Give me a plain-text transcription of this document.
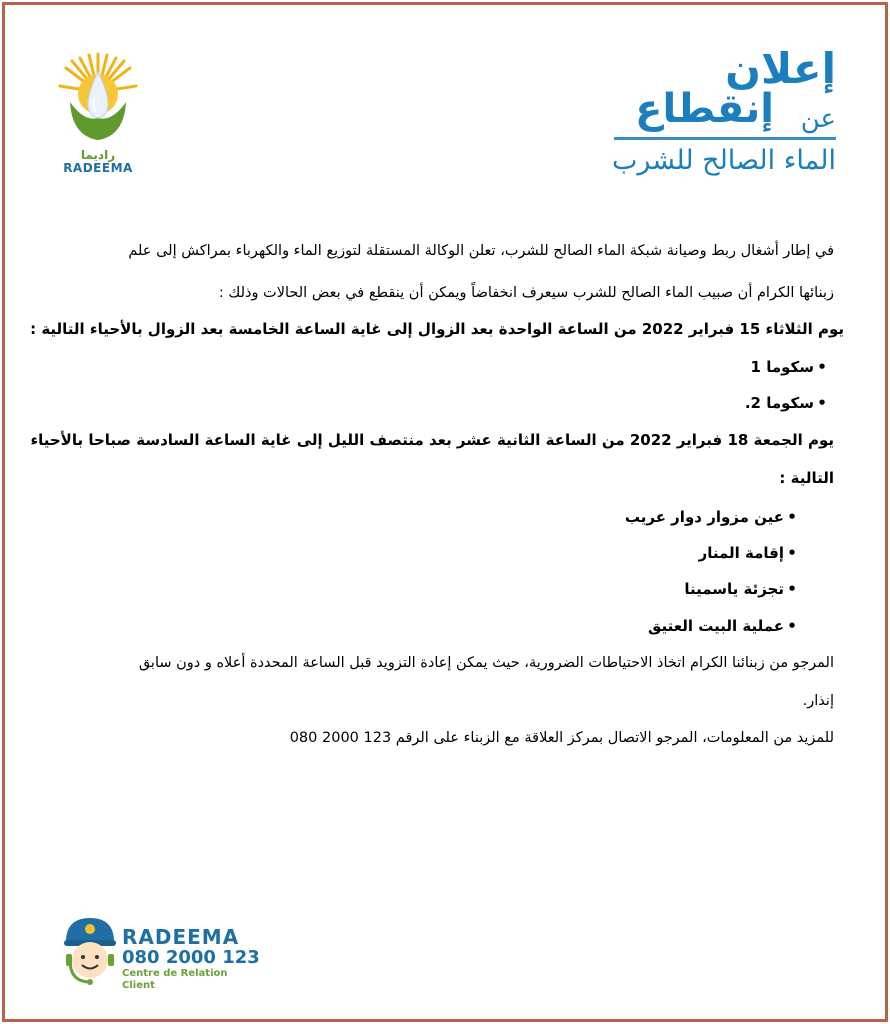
راديما
RADEEMA
إعلان
إنقطاع عن
الماء الصالح للشرب
في إطار أشغال ربط وصيانة شبكة الماء الصالح للشرب، تعلن الوكالة المستقلة لتوزيع الماء والكهرباء بمراكش إلى علم
زبنائها الكرام أن صبيب الماء الصالح للشرب سيعرف انخفاضاً ويمكن أن ينقطع في بعض الحالات وذلك :
يوم الثلاثاء 15 فبراير 2022 من الساعة الواحدة بعد الزوال إلى غاية الساعة الخامسة بعد الزوال بالأحياء التالية :
•سكوما 1
•سكوما 2.
يوم الجمعة 18 فبراير 2022 من الساعة الثانية عشر بعد منتصف الليل إلى غاية الساعة السادسة صباحا بالأحياء
التالية :
•عين مزوار دوار عريب
•إقامة المنار
•تجزئة ياسمينا
•عملية البيت العتيق
المرجو من زبنائنا الكرام اتخاذ الاحتياطات الضرورية، حيث يمكن إعادة التزويد قبل الساعة المحددة أعلاه و دون سابق
إنذار.
للمزيد من المعلومات، المرجو الاتصال بمركز العلاقة مع الزبناء على الرقم 123 2000 080
RADEEMA
080 2000 123
Centre de Relation Client
